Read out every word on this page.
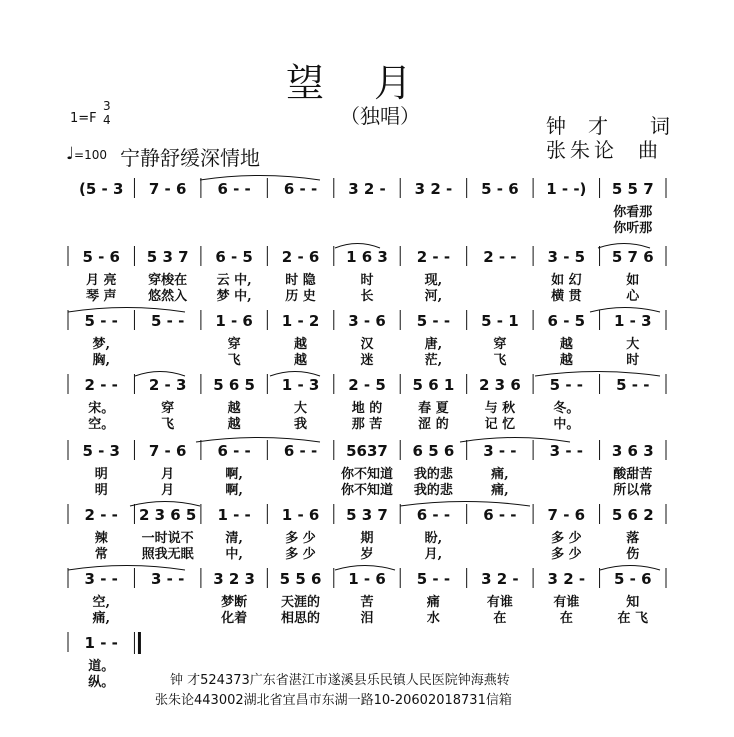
望月
（独唱）
1=F
3
4
♩=100 宁静舒缓深情地
钟才 词
张朱论 曲
(5 - 3 7 - 6 6 - - 6 - - 3 2 - 3 2 - 5 - 6 1 - -) 5 5 7
你看那
你听那
5 - 6
月 亮
琴 声
5 3 7
穿梭在
悠然入
6 - 5
云 中,
梦 中,
2 - 6
时 隐
历 史
1 6 3
时
长
2 - -
现,
河,
2 - - 3 - 5
如 幻
横 贯
5 7 6
如
心
5 - -
梦,
胸,
5 - - 1 - 6
穿
飞
1 - 2
越
越
3 - 6
汉
迷
5 - -
唐,
茫,
5 - 1
穿
飞
6 - 5
越
越
1 - 3
大
时
2 - -
宋。
空。
2 - 3
穿
飞
5 6 5
越
越
1 - 3
大
我
2 - 5
地 的
那 苦
5 6 1
春 夏
涩 的
2 3 6
与 秋
记 忆
5 - -
冬。
中。
5 - -
5 - 3
明
明
7 - 6
月
月
6 - -
啊,
啊,
6 - - 5637
你不知道
你不知道
6 5 6
我的悲
我的悲
3 - -
痛,
痛,
3 - - 3 6 3
酸甜苦
所以常
2 - -
辣
常
2 3 6 5
一时说不
照我无眠
1 - -
清,
中,
1 - 6
多 少
多 少
5 3 7
期
岁
6 - -
盼,
月,
6 - - 7 - 6
多 少
多 少
5 6 2
落
伤
3 - -
空,
痛,
3 - - 3 2 3
梦断
化着
5 5 6
天涯的
相思的
1 - 6
苦
泪
5 - -
痛
水
3 2 -
有谁
在
3 2 -
有谁
在
5 - 6
知
在 飞
1 - -
道。
纵。	钟 才524373广东省湛江市遂溪县乐民镇人民医院钟海燕转
张朱论443002湖北省宜昌市东湖一路10-20602018731信箱
